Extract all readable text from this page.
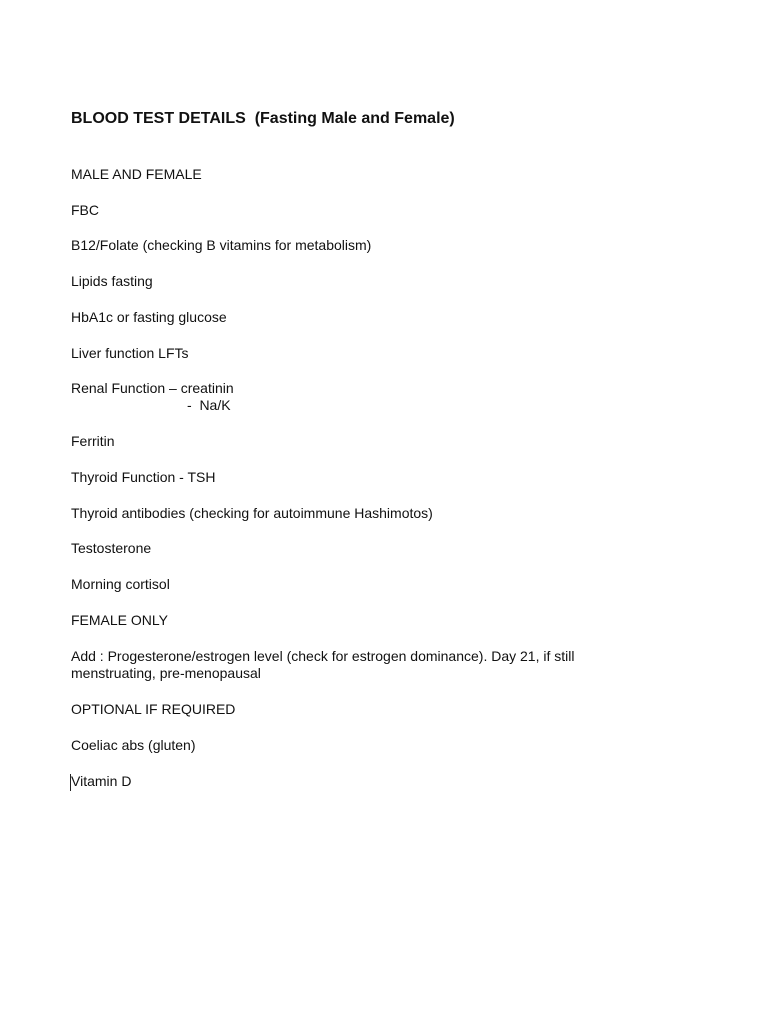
BLOOD TEST DETAILS  (Fasting Male and Female)
MALE AND FEMALE
FBC
B12/Folate (checking B vitamins for metabolism)
Lipids fasting
HbA1c or fasting glucose
Liver function LFTs
Renal Function – creatinin
-  Na/K
Ferritin
Thyroid Function - TSH
Thyroid antibodies (checking for autoimmune Hashimotos)
Testosterone
Morning cortisol
FEMALE ONLY
Add : Progesterone/estrogen level (check for estrogen dominance). Day 21, if still menstruating, pre-menopausal
OPTIONAL IF REQUIRED
Coeliac abs (gluten)
Vitamin D
